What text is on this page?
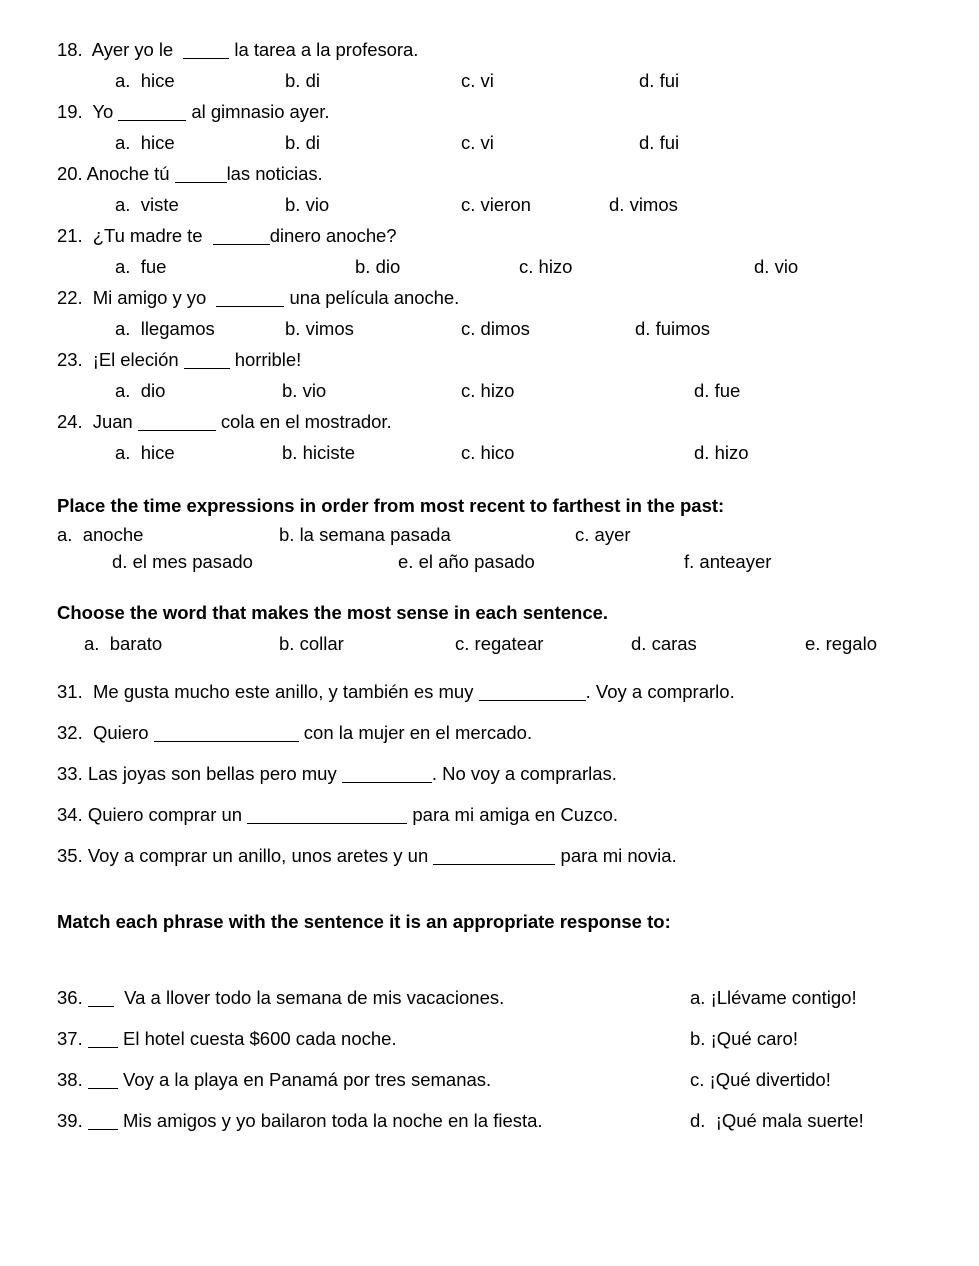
18.  Ayer yo le   la tarea a la profesora.
a.  hice	b. di	c. vi	d. fui
19.  Yo	al gimnasio ayer.
a.  hice	b. di	c. vi	d. fui
20. Anoche tú	las noticias.
a.  viste	b. vio	c. vieron	d. vimos
21.  ¿Tu madre te	dinero anoche?
a.  fue	b. dio	c. hizo	d. vio
22.  Mi amigo y yo	una película anoche.
a.  llegamos	b. vimos	c. dimos	d. fuimos
23.  ¡El eleción  horrible!
a.  dio	b. vio	c. hizo	d. fue
24.  Juan	cola en el mostrador.
a.  hice	b. hiciste	c. hico	d. hizo
Place the time expressions in order from most recent to farthest in the past:
a.  anoche	b. la semana pasada	c. ayer
d. el mes pasado	e. el año pasado	f. anteayer
Choose the word that makes the most sense in each sentence.
a.  barato	b. collar	c. regatear	d. caras	e. regalo
31.  Me gusta mucho este anillo, y también es muy	. Voy a comprarlo.
32.  Quiero	con la mujer en el mercado.
33. Las joyas son bellas pero muy	. No voy a comprarlas.
34. Quiero comprar un	para mi amiga en Cuzco.
35. Voy a comprar un anillo, unos aretes y un	para mi novia.
Match each phrase with the sentence it is an appropriate response to:
36.   Va a llover todo la semana de mis vacaciones.	a. ¡Llévame contigo!
37.  El hotel cuesta $600 cada noche.	b. ¡Qué caro!
38.  Voy a la playa en Panamá por tres semanas.	c. ¡Qué divertido!
39.  Mis amigos y yo bailaron toda la noche en la fiesta.	d.  ¡Qué mala suerte!
